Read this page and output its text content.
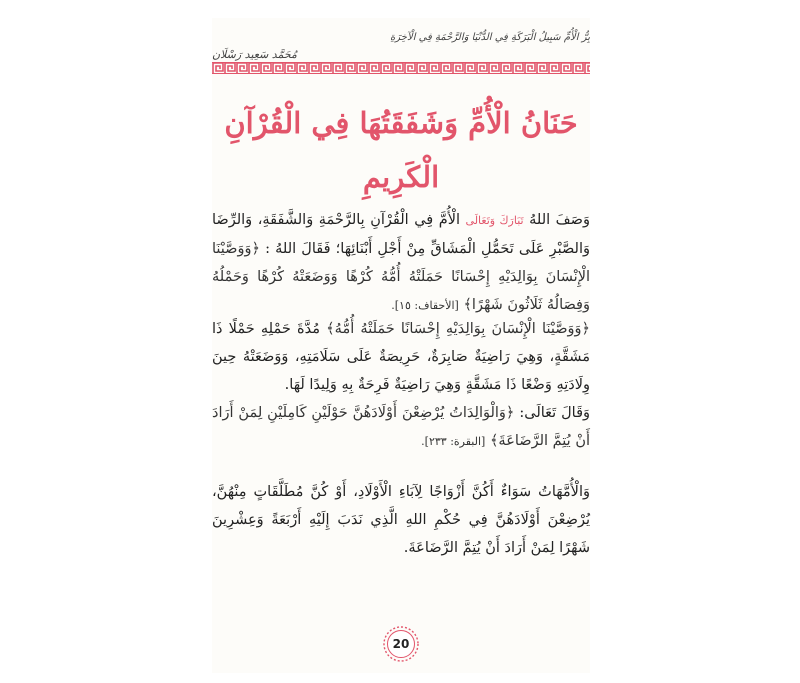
بِرُّ الْأُمِّ سَبِيلُ الْبَرَكَةِ فِي الدُّنْيَا وَالرَّحْمَةِ فِي الْآخِرَةِ
مُحَمَّد سَعِيد رَسْلَان
حَنَانُ الْأُمِّ وَشَفَقَتُهَا فِي الْقُرْآنِ الْكَرِيمِ
وَصَفَ اللهُ تَبَارَكَ وَتَعَالَى الْأُمَّ فِي الْقُرْآنِ بِالرَّحْمَةِ وَالشَّفَقَةِ، وَالرِّضَا وَالصَّبْرِ عَلَى تَحَمُّلِ الْمَشَاقِّ مِنْ أَجْلِ أَبْنَائِهَا؛ فَقَالَ اللهُ : ﴿وَوَصَّيْنَا الْإِنْسَانَ بِوَالِدَيْهِ إِحْسَانًا حَمَلَتْهُ أُمُّهُ كُرْهًا وَوَضَعَتْهُ كُرْهًا وَحَمْلُهُ وَفِصَالُهُ ثَلَاثُونَ شَهْرًا﴾ [الأحقاف: ١٥].
﴿وَوَصَّيْنَا الْإِنْسَانَ بِوَالِدَيْهِ إِحْسَانًا حَمَلَتْهُ أُمُّهُ﴾ مُدَّةَ حَمْلِهِ حَمْلًا ذَا مَشَقَّةٍ، وَهِيَ رَاضِيَةٌ صَابِرَةٌ، حَرِيصَةٌ عَلَى سَلَامَتِهِ، وَوَضَعَتْهُ حِينَ وِلَادَتِهِ وَضْعًا ذَا مَشَقَّةٍ وَهِيَ رَاضِيَةٌ فَرِحَةٌ بِهِ وَلِيدًا لَهَا.
وَقَالَ تَعَالَى: ﴿وَالْوَالِدَاتُ يُرْضِعْنَ أَوْلَادَهُنَّ حَوْلَيْنِ كَامِلَيْنِ لِمَنْ أَرَادَ أَنْ يُتِمَّ الرَّضَاعَةَ﴾ [البقرة: ٢٣٣].
وَالْأُمَّهَاتُ سَوَاءٌ أَكُنَّ أَزْوَاجًا لِآبَاءِ الْأَوْلَادِ، أَوْ كُنَّ مُطَلَّقَاتٍ مِنْهُنَّ، يُرْضِعْنَ أَوْلَادَهُنَّ فِي حُكْمِ اللهِ الَّذِي نَدَبَ إِلَيْهِ أَرْبَعَةً وَعِشْرِينَ شَهْرًا لِمَنْ أَرَادَ أَنْ يُتِمَّ الرَّضَاعَةَ.
20
